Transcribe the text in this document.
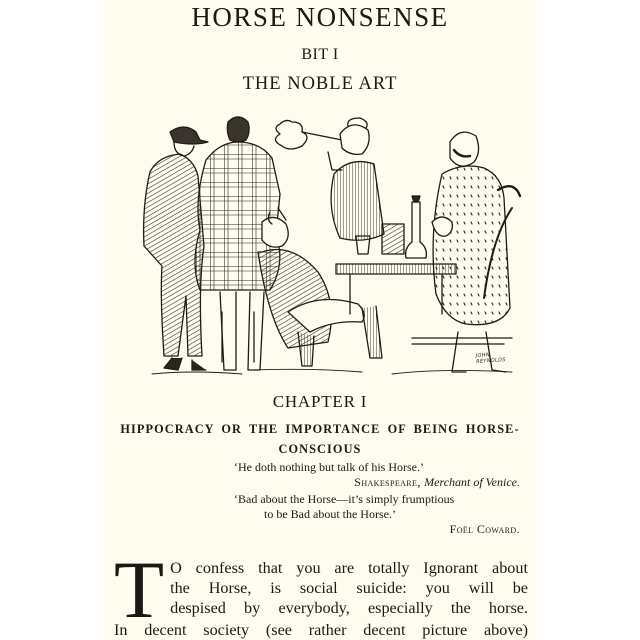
HORSE NONSENSE
BIT I
THE NOBLE ART
JOHN
REYNOLDS
CHAPTER I
HIPPOCRACY OR THE IMPORTANCE OF BEING HORSE-
CONSCIOUS
‘He doth nothing but talk of his Horse.’
Shakespeare, Merchant of Venice.
‘Bad about the Horse—it’s simply frumptious
to be Bad about the Horse.’
Foël Coward.
T O confess that you are totally Ignorant about
the Horse, is social suicide: you will be
despised by everybody, especially the horse.
In decent society (see rather decent picture above)
